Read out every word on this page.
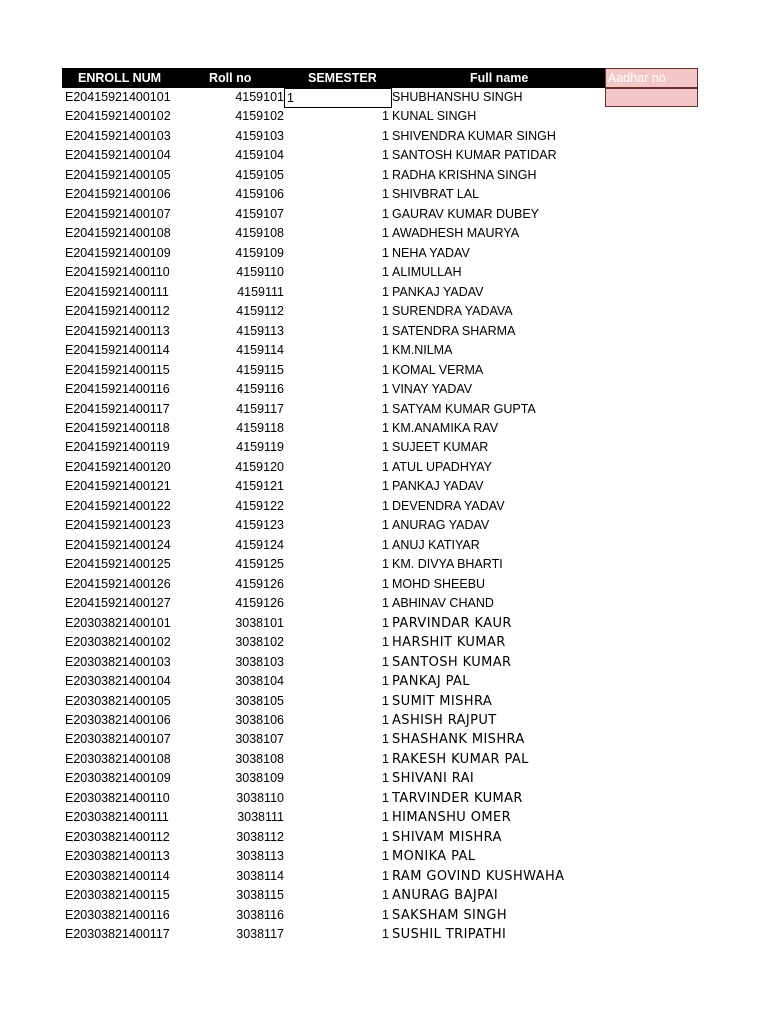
ENROLL NUM	Roll no	SEMESTER	Full name	Aadhar no
E20415921400101	4159101 1	SHUBHANSHU SINGH
E20415921400102	4159102	1 KUNAL SINGH
E20415921400103	4159103	1 SHIVENDRA KUMAR SINGH
E20415921400104	4159104	1 SANTOSH KUMAR PATIDAR
E20415921400105	4159105	1 RADHA KRISHNA SINGH
E20415921400106	4159106	1 SHIVBRAT LAL
E20415921400107	4159107	1 GAURAV KUMAR DUBEY
E20415921400108	4159108	1 AWADHESH MAURYA
E20415921400109	4159109	1 NEHA YADAV
E20415921400110	4159110	1 ALIMULLAH
E20415921400111	4159111	1 PANKAJ YADAV
E20415921400112	4159112	1 SURENDRA YADAVA
E20415921400113	4159113	1 SATENDRA SHARMA
E20415921400114	4159114	1 KM.NILMA
E20415921400115	4159115	1 KOMAL VERMA
E20415921400116	4159116	1 VINAY YADAV
E20415921400117	4159117	1 SATYAM KUMAR GUPTA
E20415921400118	4159118	1 KM.ANAMIKA RAV
E20415921400119	4159119	1 SUJEET KUMAR
E20415921400120	4159120	1 ATUL UPADHYAY
E20415921400121	4159121	1 PANKAJ YADAV
E20415921400122	4159122	1 DEVENDRA YADAV
E20415921400123	4159123	1 ANURAG YADAV
E20415921400124	4159124	1 ANUJ KATIYAR
E20415921400125	4159125	1 KM. DIVYA BHARTI
E20415921400126	4159126	1 MOHD SHEEBU
E20415921400127	4159126	1 ABHINAV CHAND
E20303821400101	3038101	1 PARVINDAR KAUR
E20303821400102	3038102	1 HARSHIT KUMAR
E20303821400103	3038103	1 SANTOSH KUMAR
E20303821400104	3038104	1 PANKAJ PAL
E20303821400105	3038105	1 SUMIT MISHRA
E20303821400106	3038106	1 ASHISH RAJPUT
E20303821400107	3038107	1 SHASHANK MISHRA
E20303821400108	3038108	1 RAKESH KUMAR PAL
E20303821400109	3038109	1 SHIVANI RAI
E20303821400110	3038110	1 TARVINDER KUMAR
E20303821400111	3038111	1 HIMANSHU OMER
E20303821400112	3038112	1 SHIVAM MISHRA
E20303821400113	3038113	1 MONIKA PAL
E20303821400114	3038114	1 RAM GOVIND KUSHWAHA
E20303821400115	3038115	1 ANURAG BAJPAI
E20303821400116	3038116	1 SAKSHAM SINGH
E20303821400117	3038117	1 SUSHIL TRIPATHI
